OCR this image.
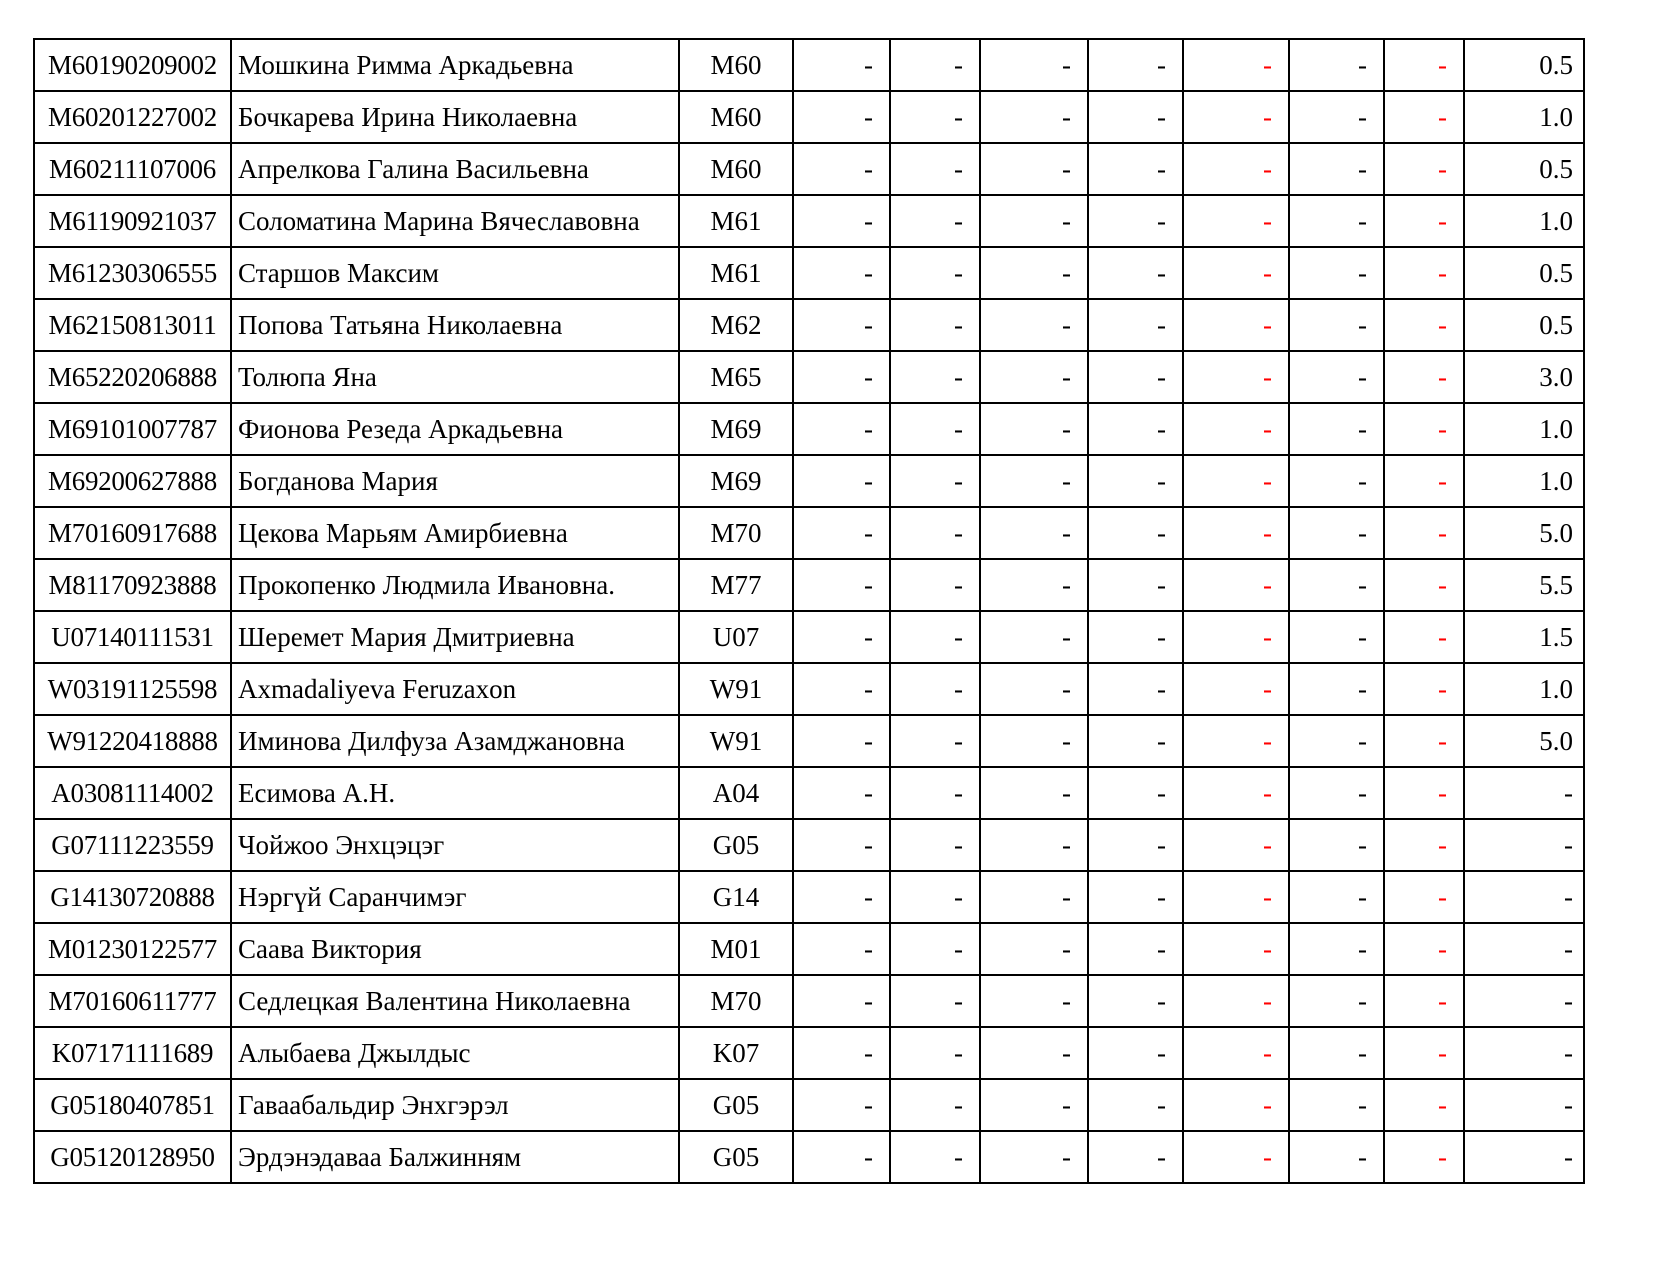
M60190209002	Мошкина Римма Аркадьевна	M60	-	-	-	-	-	-	-	0.5
M60201227002	Бочкарева Ирина Николаевна	M60	-	-	-	-	-	-	-	1.0
M60211107006	Апрелкова Галина Васильевна	M60	-	-	-	-	-	-	-	0.5
M61190921037	Соломатина Марина Вячеславовна	M61	-	-	-	-	-	-	-	1.0
M61230306555	Старшов Максим	M61	-	-	-	-	-	-	-	0.5
M62150813011	Попова Татьяна Николаевна	M62	-	-	-	-	-	-	-	0.5
M65220206888	Толюпа Яна	M65	-	-	-	-	-	-	-	3.0
M69101007787	Фионова Резеда Аркадьевна	M69	-	-	-	-	-	-	-	1.0
M69200627888	Богданова Мария	M69	-	-	-	-	-	-	-	1.0
M70160917688	Цекова Марьям Амирбиевна	M70	-	-	-	-	-	-	-	5.0
M81170923888	Прокопенко Людмила Ивановна.	M77	-	-	-	-	-	-	-	5.5
U07140111531	Шеремет Мария Дмитриевна	U07	-	-	-	-	-	-	-	1.5
W03191125598	Axmadaliyeva Feruzaxon	W91	-	-	-	-	-	-	-	1.0
W91220418888	Иминова Дилфуза Азамджановна	W91	-	-	-	-	-	-	-	5.0
A03081114002	Есимова А.Н.	A04	-	-	-	-	-	-	-	-
G07111223559	Чойжоо Энхцэцэг	G05	-	-	-	-	-	-	-	-
G14130720888	Нэргүй Саранчимэг	G14	-	-	-	-	-	-	-	-
M01230122577	Саава Виктория	M01	-	-	-	-	-	-	-	-
M70160611777	Седлецкая Валентина Николаевна	M70	-	-	-	-	-	-	-	-
K07171111689	Алыбаева Джылдыс	K07	-	-	-	-	-	-	-	-
G05180407851	Гаваабальдир Энхгэрэл	G05	-	-	-	-	-	-	-	-
G05120128950	Эрдэнэдаваа Балжинням	G05	-	-	-	-	-	-	-	-
